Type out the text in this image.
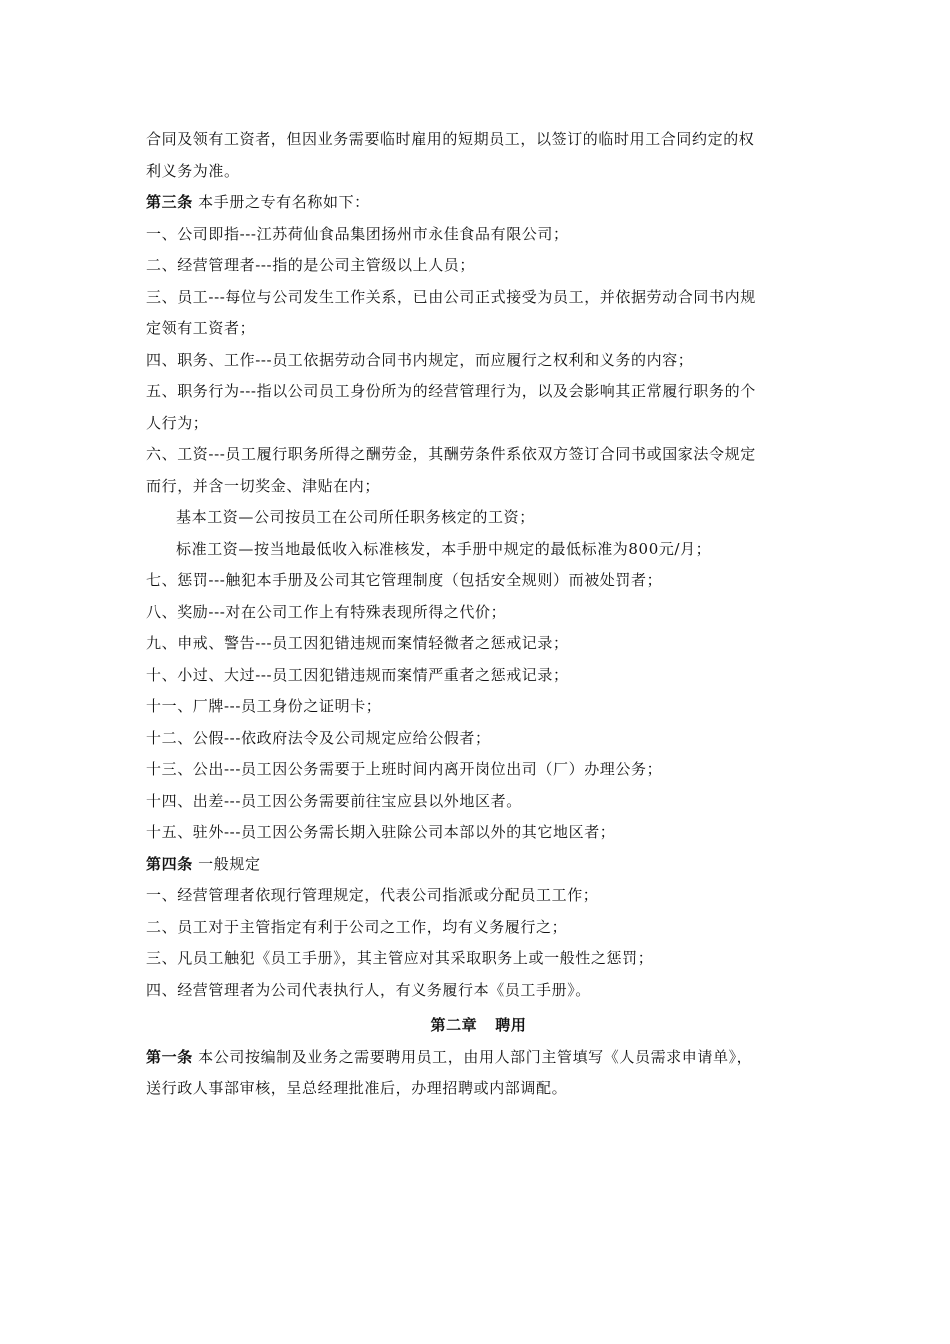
合同及领有工资者，但因业务需要临时雇用的短期员工，以签订的临时用工合同约定的权
利义务为准。
第三条 本手册之专有名称如下：
一、公司即指---江苏荷仙食品集团扬州市永佳食品有限公司；
二、经营管理者---指的是公司主管级以上人员；
三、员工---每位与公司发生工作关系，已由公司正式接受为员工，并依据劳动合同书内规
定领有工资者；
四、职务、工作---员工依据劳动合同书内规定，而应履行之权利和义务的内容；
五、职务行为---指以公司员工身份所为的经营管理行为，以及会影响其正常履行职务的个
人行为；
六、工资---员工履行职务所得之酬劳金，其酬劳条件系依双方签订合同书或国家法令规定
而行，并含一切奖金、津贴在内；
基本工资—公司按员工在公司所任职务核定的工资；
标准工资—按当地最低收入标准核发，本手册中规定的最低标准为800元/月；
七、惩罚---触犯本手册及公司其它管理制度（包括安全规则）而被处罚者；
八、奖励---对在公司工作上有特殊表现所得之代价；
九、申戒、警告---员工因犯错违规而案情轻微者之惩戒记录；
十、小过、大过---员工因犯错违规而案情严重者之惩戒记录；
十一、厂牌---员工身份之证明卡；
十二、公假---依政府法令及公司规定应给公假者；
十三、公出---员工因公务需要于上班时间内离开岗位出司（厂）办理公务；
十四、出差---员工因公务需要前往宝应县以外地区者。
十五、驻外---员工因公务需长期入驻除公司本部以外的其它地区者；
第四条 一般规定
一、经营管理者依现行管理规定，代表公司指派或分配员工工作；
二、员工对于主管指定有利于公司之工作，均有义务履行之；
三、凡员工触犯《员工手册》，其主管应对其采取职务上或一般性之惩罚；
四、经营管理者为公司代表执行人，有义务履行本《员工手册》。
第二章 聘用
第一条 本公司按编制及业务之需要聘用员工，由用人部门主管填写《人员需求申请单》，
送行政人事部审核，呈总经理批准后，办理招聘或内部调配。
